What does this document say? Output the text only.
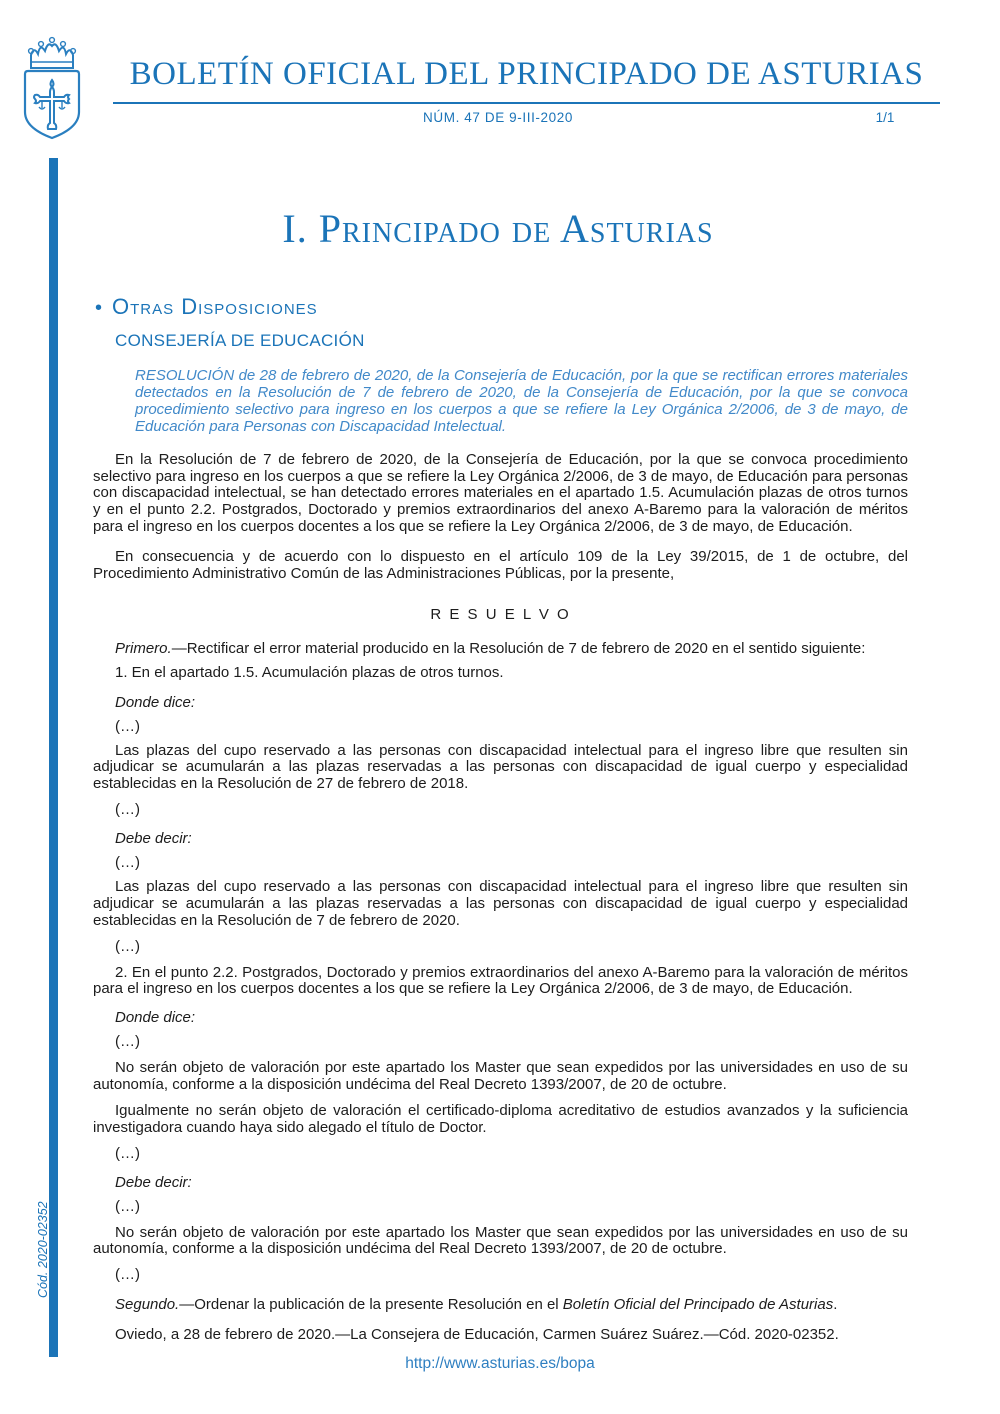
BOLETÍN OFICIAL DEL PRINCIPADO DE ASTURIAS
NÚM. 47 DE 9-III-2020	1/1
Cód. 2020-02352
I. Principado de Asturias
• Otras Disposiciones
CONSEJERÍA DE EDUCACIÓN

RESOLUCIÓN de 28 de febrero de 2020, de la Consejería de Educación, por la que se rectifican errores materiales detectados en la Resolución de 7 de febrero de 2020, de la Consejería de Educación, por la que se convoca procedimiento selectivo para ingreso en los cuerpos a que se refiere la Ley Orgánica 2/2006, de 3 de mayo, de Educación para Personas con Discapacidad Intelectual.

En la Resolución de 7 de febrero de 2020, de la Consejería de Educación, por la que se convoca procedimiento selectivo para ingreso en los cuerpos a que se refiere la Ley Orgánica 2/2006, de 3 de mayo, de Educación para personas con discapacidad intelectual, se han detectado errores materiales en el apartado 1.5. Acumulación plazas de otros turnos y en el punto 2.2. Postgrados, Doctorado y premios extraordinarios del anexo A-Baremo para la valoración de méritos para el ingreso en los cuerpos docentes a los que se refiere la Ley Orgánica 2/2006, de 3 de mayo, de Educación.

En consecuencia y de acuerdo con lo dispuesto en el artículo 109 de la Ley 39/2015, de 1 de octubre, del Procedimiento Administrativo Común de las Administraciones Públicas, por la presente,

R E S U E L V O

Primero.—Rectificar el error material producido en la Resolución de 7 de febrero de 2020 en el sentido siguiente:

1. En el apartado 1.5. Acumulación plazas de otros turnos.

Donde dice:

(…)

Las plazas del cupo reservado a las personas con discapacidad intelectual para el ingreso libre que resulten sin adjudicar se acumularán a las plazas reservadas a las personas con discapacidad de igual cuerpo y especialidad establecidas en la Resolución de 27 de febrero de 2018.

(…)

Debe decir:

(…)

Las plazas del cupo reservado a las personas con discapacidad intelectual para el ingreso libre que resulten sin adjudicar se acumularán a las plazas reservadas a las personas con discapacidad de igual cuerpo y especialidad establecidas en la Resolución de 7 de febrero de 2020.

(…)

2. En el punto 2.2. Postgrados, Doctorado y premios extraordinarios del anexo A-Baremo para la valoración de méritos para el ingreso en los cuerpos docentes a los que se refiere la Ley Orgánica 2/2006, de 3 de mayo, de Educación.

Donde dice:

(…)

No serán objeto de valoración por este apartado los Master que sean expedidos por las universidades en uso de su autonomía, conforme a la disposición undécima del Real Decreto 1393/2007, de 20 de octubre.

Igualmente no serán objeto de valoración el certificado-diploma acreditativo de estudios avanzados y la suficiencia investigadora cuando haya sido alegado el título de Doctor.

(…)

Debe decir:

(…)

No serán objeto de valoración por este apartado los Master que sean expedidos por las universidades en uso de su autonomía, conforme a la disposición undécima del Real Decreto 1393/2007, de 20 de octubre.

(…)

Segundo.—Ordenar la publicación de la presente Resolución en el Boletín Oficial del Principado de Asturias.

Oviedo, a 28 de febrero de 2020.—La Consejera de Educación, Carmen Suárez Suárez.—Cód. 2020-02352.

http://www.asturias.es/bopa
